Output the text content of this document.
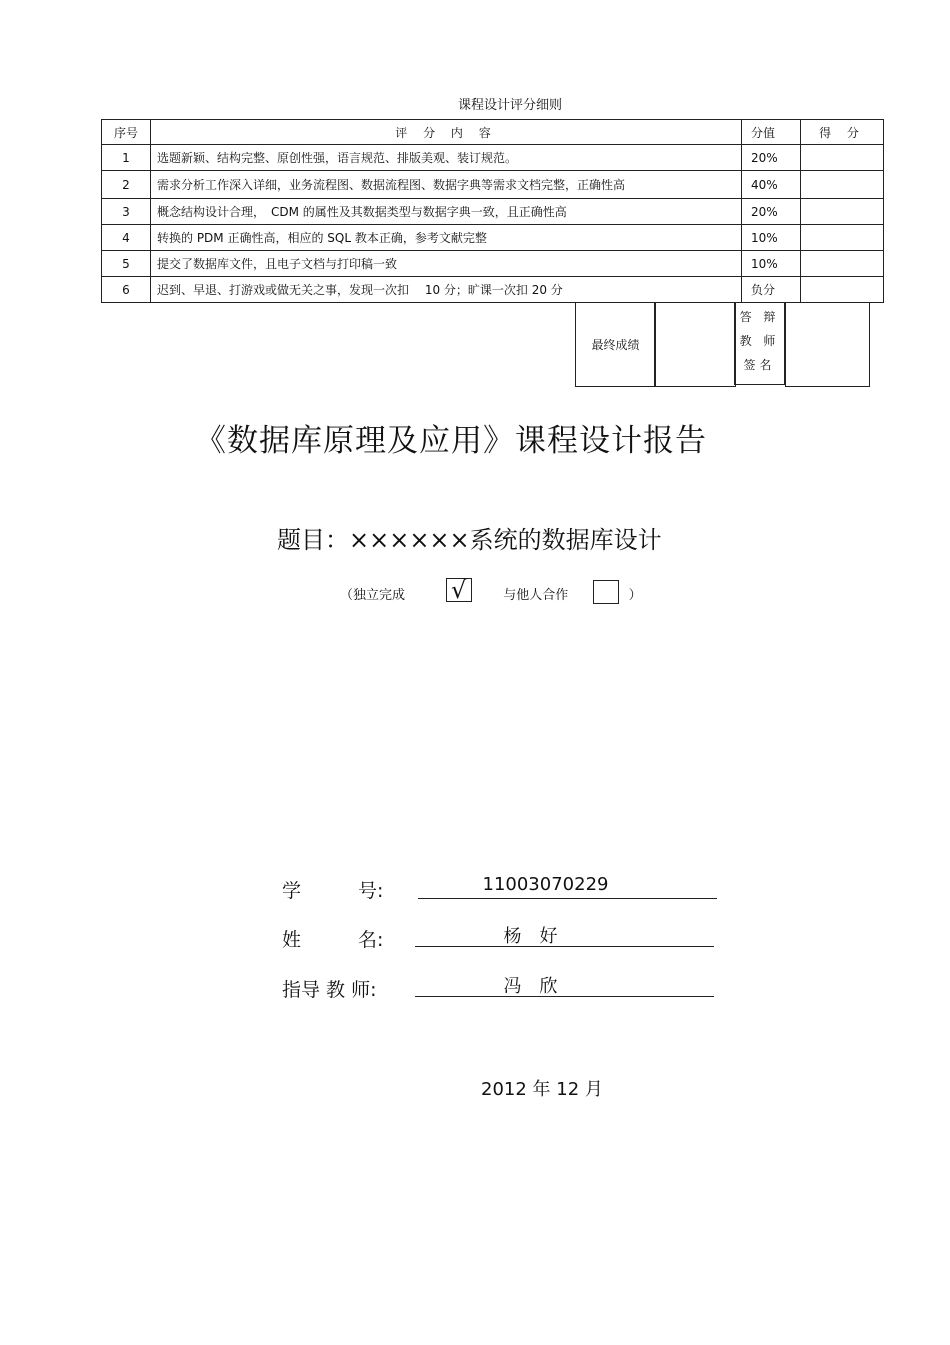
课程设计评分细则
序号	评 分 内 容	分值	得 分
1	选题新颖、结构完整、原创性强，语言规范、排版美观、装订规范。	20%	
2	需求分析工作深入详细，业务流程图、数据流程图、数据字典等需求文档完整，正确性高	40%	
3	概念结构设计合理，　CDM 的属性及其数据类型与数据字典一致，且正确性高	20%	
4	转换的 PDM 正确性高，相应的 SQL 教本正确，参考文献完整	10%	
5	提交了数据库文件，且电子文档与打印稿一致	10%	
6	迟到、早退、打游戏或做无关之事，发现一次扣　 10 分；旷课一次扣 20 分	负分	
最终成绩
答 辩
教 师
签名
《数据库原理及应用》课程设计报告
题目：××××××系统的数据库设计
（独立完成	与他人合作	）
√
学　　　号:	11003070229
姓　　　名:	杨　好
指导 教 师:	冯　欣
2012 年 12 月
